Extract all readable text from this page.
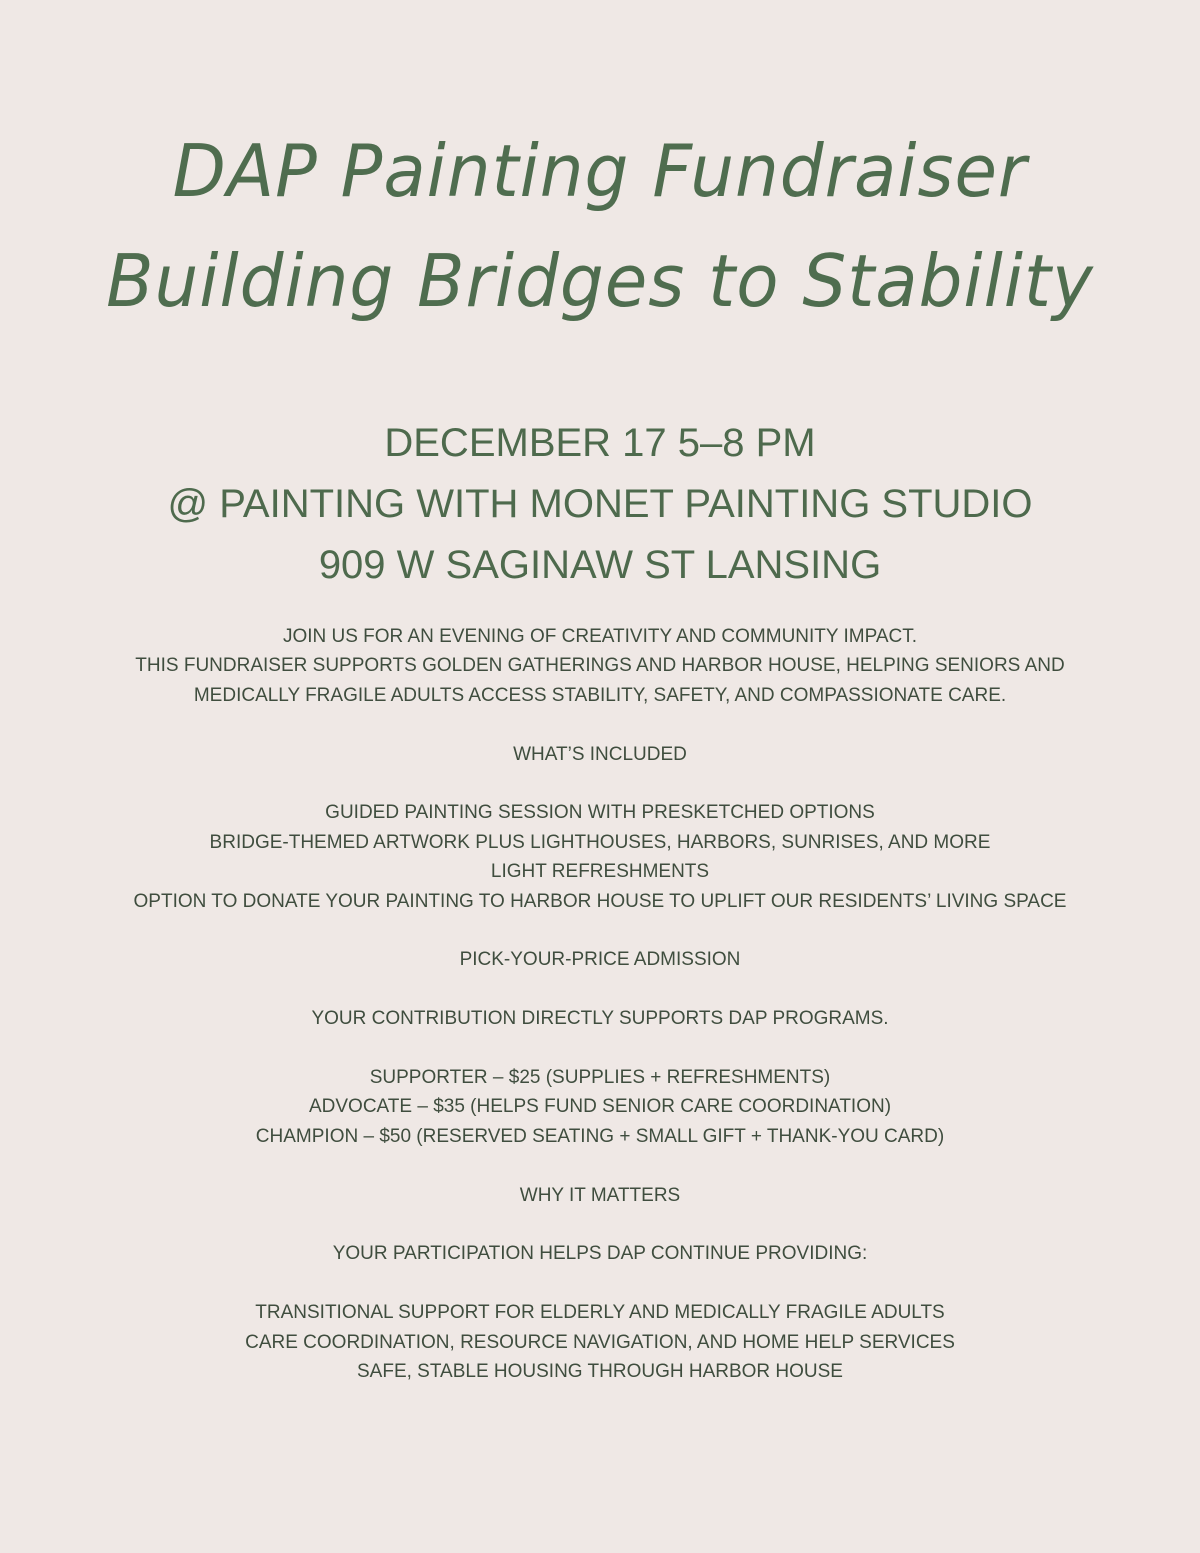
DAP Painting Fundraiser
Building Bridges to Stability
DECEMBER 17 5–8 PM
@ PAINTING WITH MONET PAINTING STUDIO
909 W SAGINAW ST LANSING
JOIN US FOR AN EVENING OF CREATIVITY AND COMMUNITY IMPACT.
THIS FUNDRAISER SUPPORTS GOLDEN GATHERINGS AND HARBOR HOUSE, HELPING SENIORS AND
MEDICALLY FRAGILE ADULTS ACCESS STABILITY, SAFETY, AND COMPASSIONATE CARE.
WHAT’S INCLUDED
GUIDED PAINTING SESSION WITH PRESKETCHED OPTIONS
BRIDGE-THEMED ARTWORK PLUS LIGHTHOUSES, HARBORS, SUNRISES, AND MORE
LIGHT REFRESHMENTS
OPTION TO DONATE YOUR PAINTING TO HARBOR HOUSE TO UPLIFT OUR RESIDENTS’ LIVING SPACE
PICK-YOUR-PRICE ADMISSION
YOUR CONTRIBUTION DIRECTLY SUPPORTS DAP PROGRAMS.
SUPPORTER – $25 (SUPPLIES + REFRESHMENTS)
ADVOCATE – $35 (HELPS FUND SENIOR CARE COORDINATION)
CHAMPION – $50 (RESERVED SEATING + SMALL GIFT + THANK-YOU CARD)
WHY IT MATTERS
YOUR PARTICIPATION HELPS DAP CONTINUE PROVIDING:
TRANSITIONAL SUPPORT FOR ELDERLY AND MEDICALLY FRAGILE ADULTS
CARE COORDINATION, RESOURCE NAVIGATION, AND HOME HELP SERVICES
SAFE, STABLE HOUSING THROUGH HARBOR HOUSE
